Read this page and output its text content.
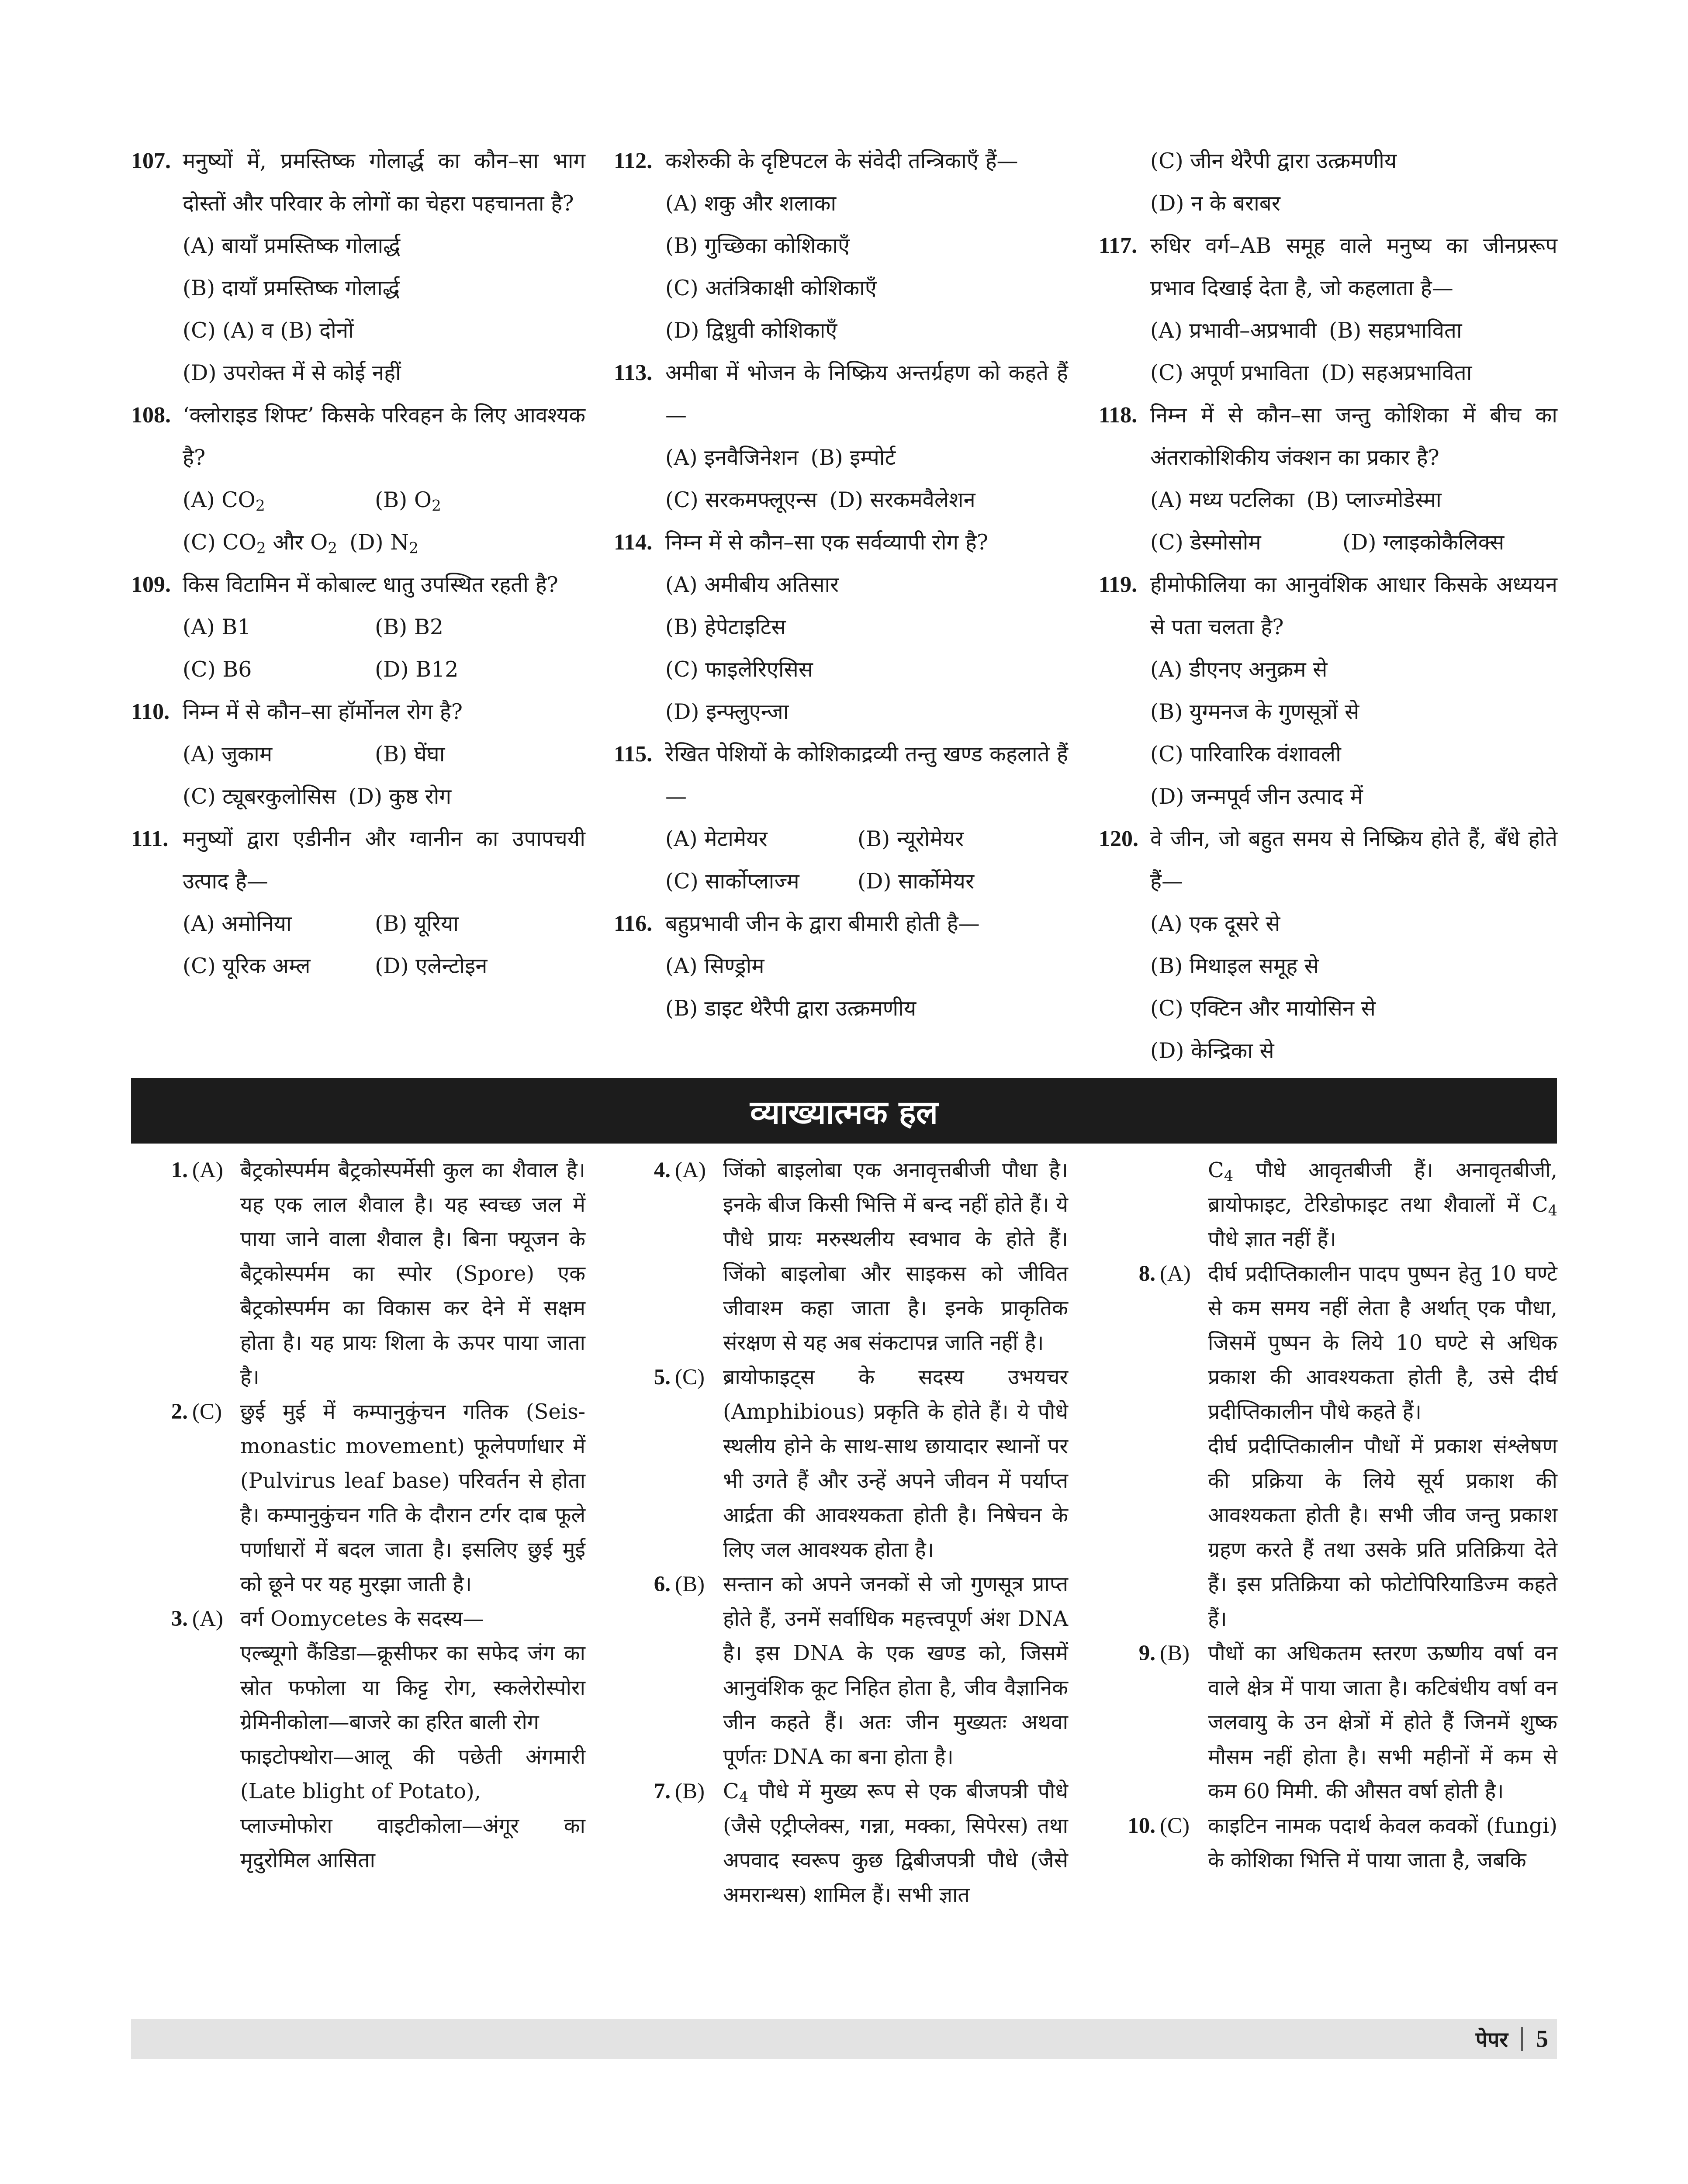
107. मनुष्यों में, प्रमस्तिष्क गोलार्द्ध का कौन–सा भाग दोस्तों और परिवार के लोगों का चेहरा पहचानता है?
(A) बायाँ प्रमस्तिष्क गोलार्द्ध
(B) दायाँ प्रमस्तिष्क गोलार्द्ध
(C) (A) व (B) दोनों
(D) उपरोक्त में से कोई नहीं
108. ‘क्लोराइड शिफ्ट’ किसके परिवहन के लिए आवश्यक है?
(A) $CO_2$	(B) $O_2$
(C) $CO_2$ और $O_2$ (D) $N_2$
109. किस विटामिन में कोबाल्ट धातु उपस्थित रहती है?
(A) B1	(B) B2
(C) B6	(D) B12
110. निम्न में से कौन–सा हॉर्मोनल रोग है?
(A) जुकाम	(B) घेंघा
(C) ट्यूबरकुलोसिस (D) कुष्ठ रोग
111. मनुष्यों द्वारा एडीनीन और ग्वानीन का उपापचयी उत्पाद है—
(A) अमोनिया	(B) यूरिया
(C) यूरिक अम्ल	(D) एलेन्टोइन
112. कशेरुकी के दृष्टिपटल के संवेदी तन्त्रिकाएँ हैं—
(A) शकु और शलाका
(B) गुच्छिका कोशिकाएँ
(C) अतंत्रिकाक्षी कोशिकाएँ
(D) द्विध्रुवी कोशिकाएँ
113. अमीबा में भोजन के निष्क्रिय अन्तर्ग्रहण को कहते हैं—
(A) इनवैजिनेशन (B) इम्पोर्ट
(C) सरकमफ्लूएन्स (D) सरकमवैलेशन
114. निम्न में से कौन–सा एक सर्वव्यापी रोग है?
(A) अमीबीय अतिसार
(B) हेपेटाइटिस
(C) फाइलेरिएसिस
(D) इन्फ्लुएन्जा
115. रेखित पेशियों के कोशिकाद्रव्यी तन्तु खण्ड कहलाते हैं—
(A) मेटामेयर	(B) न्यूरोमेयर
(C) सार्कोप्लाज्म	(D) सार्कोमेयर
116. बहुप्रभावी जीन के द्वारा बीमारी होती है—
(A) सिण्ड्रोम
(B) डाइट थेरैपी द्वारा उत्क्रमणीय
(C) जीन थेरैपी द्वारा उत्क्रमणीय
(D) न के बराबर
117. रुधिर वर्ग–AB समूह वाले मनुष्य का जीनप्ररूप प्रभाव दिखाई देता है, जो कहलाता है—
(A) प्रभावी–अप्रभावी (B) सहप्रभाविता
(C) अपूर्ण प्रभाविता (D) सहअप्रभाविता
118. निम्न में से कौन–सा जन्तु कोशिका में बीच का अंतराकोशिकीय जंक्शन का प्रकार है?
(A) मध्य पटलिका (B) प्लाज्मोडेस्मा
(C) डेस्मोसोम	(D) ग्लाइकोकैलिक्स
119. हीमोफीलिया का आनुवंशिक आधार किसके अध्ययन से पता चलता है?
(A) डीएनए अनुक्रम से
(B) युग्मनज के गुणसूत्रों से
(C) पारिवारिक वंशावली
(D) जन्मपूर्व जीन उत्पाद में
120. वे जीन, जो बहुत समय से निष्क्रिय होते हैं, बँधे होते हैं—
(A) एक दूसरे से
(B) मिथाइल समूह से
(C) एक्टिन और मायोसिन से
(D) केन्द्रिका से
व्याख्यात्मक हल
1. (A) बैट्रकोस्पर्मम बैट्रकोस्पर्मेसी कुल का शैवाल है। यह एक लाल शैवाल है। यह स्वच्छ जल में पाया जाने वाला शैवाल है। बिना फ्यूजन के बैट्रकोस्पर्मम का स्पोर (Spore) एक बैट्रकोस्पर्मम का विकास कर देने में सक्षम होता है। यह प्रायः शिला के ऊपर पाया जाता है।
2. (C) छुई मुई में कम्पानुकुंचन गतिक (Seis-monastic movement) फूलेपर्णाधार में (Pulvirus leaf base) परिवर्तन से होता है। कम्पानुकुंचन गति के दौरान टर्गर दाब फूले पर्णाधारों में बदल जाता है। इसलिए छुई मुई को छूने पर यह मुरझा जाती है।
3. (A) वर्ग Oomycetes के सदस्य—
एल्ब्यूगो कैंडिडा—क्रूसीफर का सफेद जंग का स्रोत फफोला या किट्ट रोग, स्कलेरोस्पोरा ग्रेमिनीकोला—बाजरे का हरित बाली रोग
फाइटोफ्थोरा—आलू की पछेती अंगमारी (Late blight of Potato),
प्लाज्मोफोरा वाइटीकोला—अंगूर का मृदुरोमिल आसिता
4. (A) जिंको बाइलोबा एक अनावृत्तबीजी पौधा है। इनके बीज किसी भित्ति में बन्द नहीं होते हैं। ये पौधे प्रायः मरुस्थलीय स्वभाव के होते हैं। जिंको बाइलोबा और साइकस को जीवित जीवाश्म कहा जाता है। इनके प्राकृतिक संरक्षण से यह अब संकटापन्न जाति नहीं है।
5. (C) ब्रायोफाइट्स के सदस्य उभयचर (Amphibious) प्रकृति के होते हैं। ये पौधे स्थलीय होने के साथ-साथ छायादार स्थानों पर भी उगते हैं और उन्हें अपने जीवन में पर्याप्त आर्द्रता की आवश्यकता होती है। निषेचन के लिए जल आवश्यक होता है।
6. (B) सन्तान को अपने जनकों से जो गुणसूत्र प्राप्त होते हैं, उनमें सर्वाधिक महत्त्वपूर्ण अंश DNA है। इस DNA के एक खण्ड को, जिसमें आनुवंशिक कूट निहित होता है, जीव वैज्ञानिक जीन कहते हैं। अतः जीन मुख्यतः अथवा पूर्णतः DNA का बना होता है।
7. (B) $C_4$ पौधे में मुख्य रूप से एक बीजपत्री पौधे (जैसे एट्रीप्लेक्स, गन्ना, मक्का, सिपेरस) तथा अपवाद स्वरूप कुछ द्विबीजपत्री पौधे (जैसे अमरान्थस) शामिल हैं। सभी ज्ञात
$C_4$ पौधे आवृतबीजी हैं। अनावृतबीजी, ब्रायोफाइट, टेरिडोफाइट तथा शैवालों में $C_4$ पौधे ज्ञात नहीं हैं।
8. (A) दीर्घ प्रदीप्तिकालीन पादप पुष्पन हेतु 10 घण्टे से कम समय नहीं लेता है अर्थात् एक पौधा, जिसमें पुष्पन के लिये 10 घण्टे से अधिक प्रकाश की आवश्यकता होती है, उसे दीर्घ प्रदीप्तिकालीन पौधे कहते हैं।
दीर्घ प्रदीप्तिकालीन पौधों में प्रकाश संश्लेषण की प्रक्रिया के लिये सूर्य प्रकाश की आवश्यकता होती है। सभी जीव जन्तु प्रकाश ग्रहण करते हैं तथा उसके प्रति प्रतिक्रिया देते हैं। इस प्रतिक्रिया को फोटोपिरियाडिज्म कहते हैं।
9. (B) पौधों का अधिकतम स्तरण ऊष्णीय वर्षा वन वाले क्षेत्र में पाया जाता है। कटिबंधीय वर्षा वन जलवायु के उन क्षेत्रों में होते हैं जिनमें शुष्क मौसम नहीं होता है। सभी महीनों में कम से कम 60 मिमी. की औसत वर्षा होती है।
10. (C) काइटिन नामक पदार्थ केवल कवकों (fungi) के कोशिका भित्ति में पाया जाता है, जबकि
पेपर 5
